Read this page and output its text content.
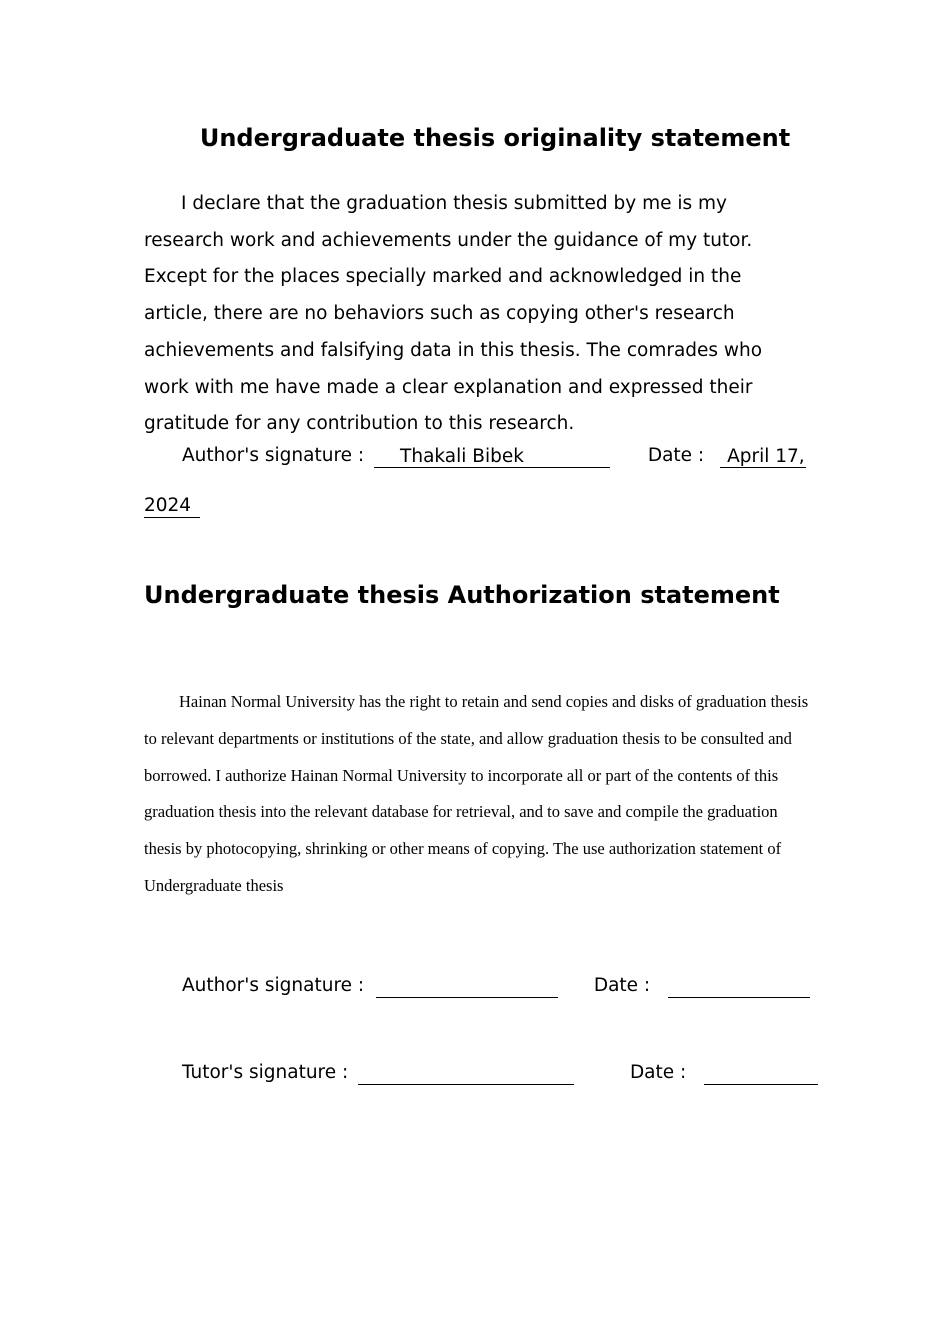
Undergraduate thesis originality statement

I declare that the graduation thesis submitted by me is my research work and achievements under the guidance of my tutor. Except for the places specially marked and acknowledged in the article, there are no behaviors such as copying other's research achievements and falsifying data in this thesis. The comrades who work with me have made a clear explanation and expressed their gratitude for any contribution to this research.

Author's signature : Thakali Bibek	Date : April 17,
2024
Undergraduate thesis Authorization statement

Hainan Normal University has the right to retain and send copies and disks of graduation thesis to relevant departments or institutions of the state, and allow graduation thesis to be consulted and borrowed. I authorize Hainan Normal University to incorporate all or part of the contents of this graduation thesis into the relevant database for retrieval, and to save and compile the graduation thesis by photocopying, shrinking or other means of copying. The use authorization statement of Undergraduate thesis

Author's signature :	Date :
Tutor's signature :	Date :
